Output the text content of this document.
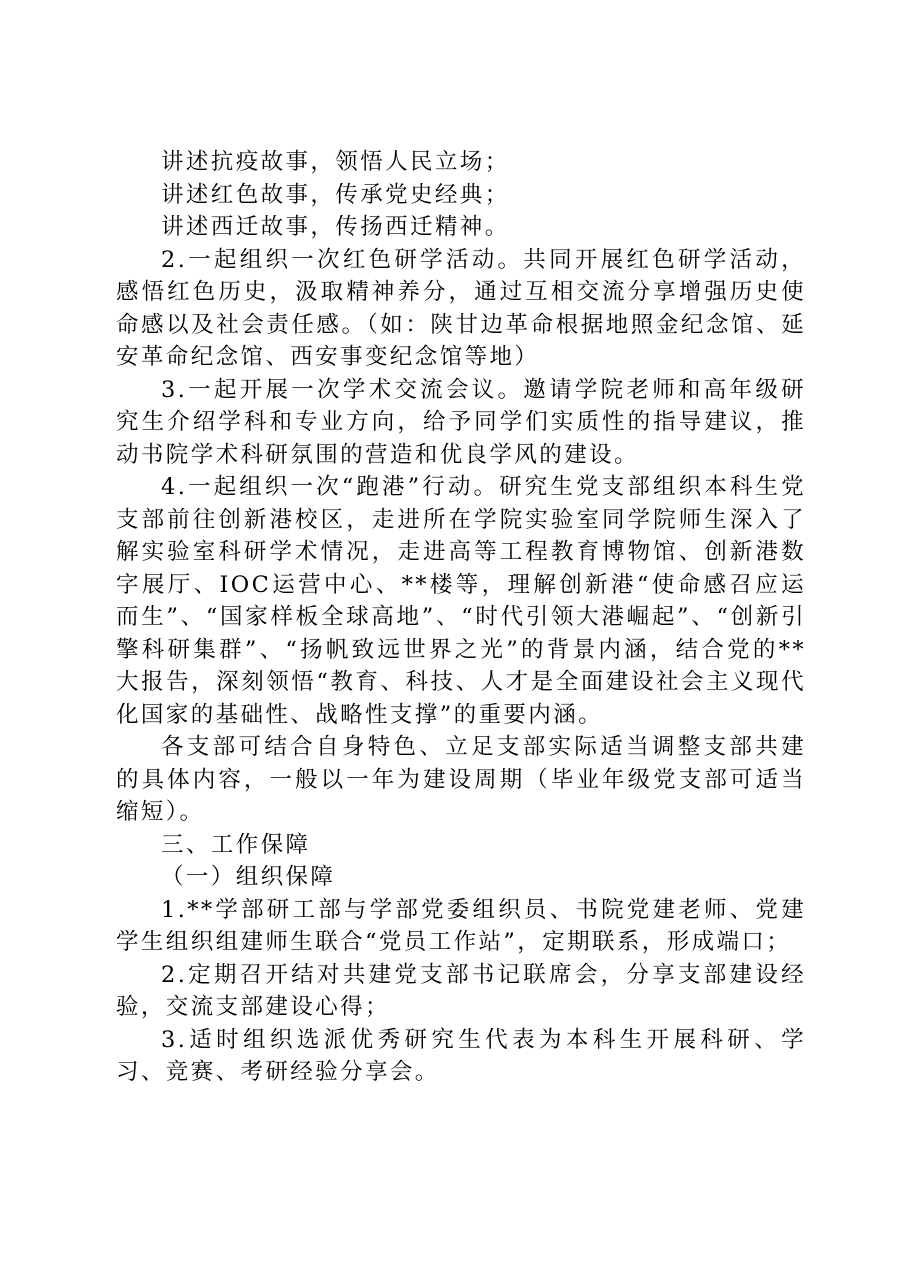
讲述抗疫故事，领悟人民立场；

讲述红色故事，传承党史经典；

讲述西迁故事，传扬西迁精神。

2.一起组织一次红色研学活动。共同开展红色研学活动，感悟红色历史，汲取精神养分，通过互相交流分享增强历史使命感以及社会责任感。（如：陕甘边革命根据地照金纪念馆、延安革命纪念馆、西安事变纪念馆等地）

3.一起开展一次学术交流会议。邀请学院老师和高年级研究生介绍学科和专业方向，给予同学们实质性的指导建议，推动书院学术科研氛围的营造和优良学风的建设。

4.一起组织一次“跑港”行动。研究生党支部组织本科生党支部前往创新港校区，走进所在学院实验室同学院师生深入了解实验室科研学术情况，走进高等工程教育博物馆、创新港数字展厅、IOC运营中心、**楼等，理解创新港“使命感召应运而生”、“国家样板全球高地”、“时代引领大港崛起”、“创新引擎科研集群”、“扬帆致远世界之光”的背景内涵，结合党的**大报告，深刻领悟“教育、科技、人才是全面建设社会主义现代化国家的基础性、战略性支撑”的重要内涵。

各支部可结合自身特色、立足支部实际适当调整支部共建的具体内容，一般以一年为建设周期（毕业年级党支部可适当缩短）。

三、工作保障

（一）组织保障

1.**学部研工部与学部党委组织员、书院党建老师、党建学生组织组建师生联合“党员工作站”，定期联系，形成端口；

2.定期召开结对共建党支部书记联席会，分享支部建设经验，交流支部建设心得；

3.适时组织选派优秀研究生代表为本科生开展科研、学习、竞赛、考研经验分享会。
